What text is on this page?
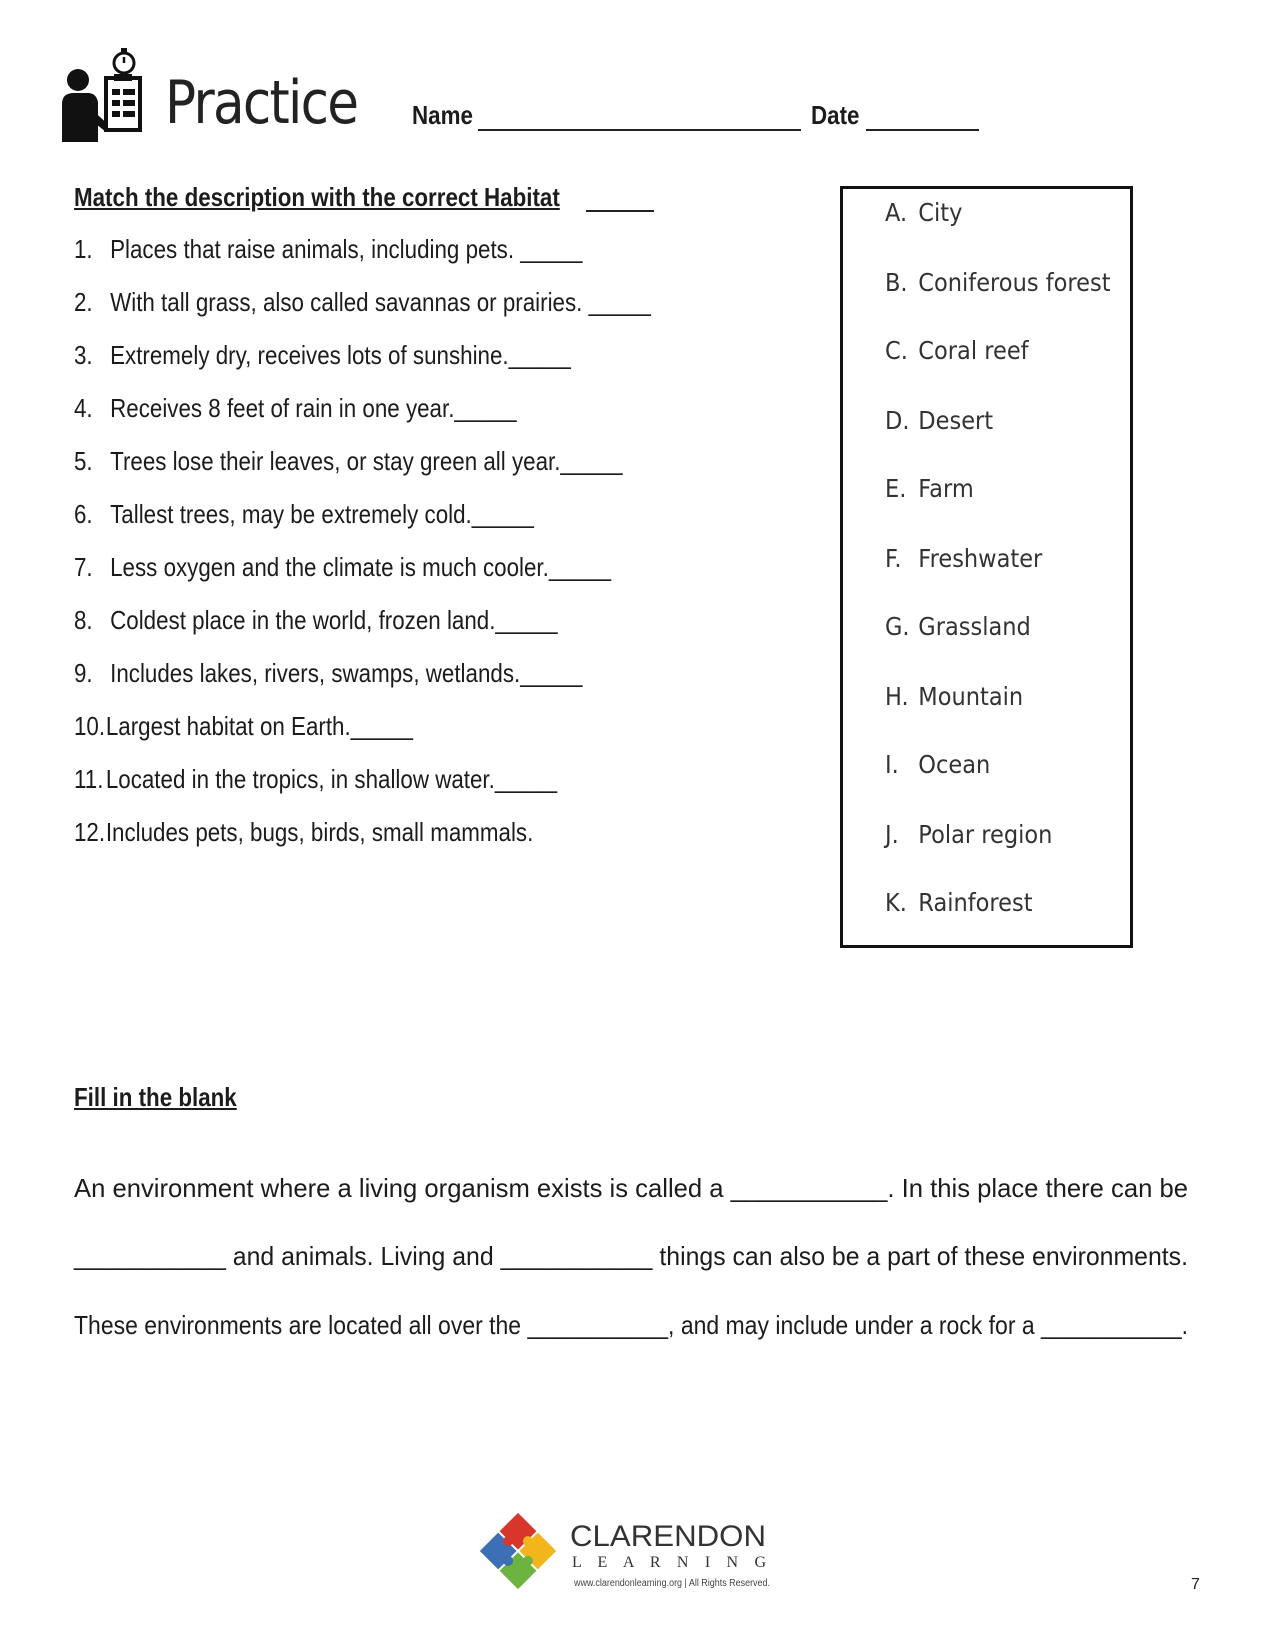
Practice Name	Date
Match the description with the correct Habitat
1. Places that raise animals, including pets. _____
2. With tall grass, also called savannas or prairies. _____
3. Extremely dry, receives lots of sunshine._____
4. Receives 8 feet of rain in one year._____
5. Trees lose their leaves, or stay green all year._____
6. Tallest trees, may be extremely cold._____
7. Less oxygen and the climate is much cooler._____
8. Coldest place in the world, frozen land._____
9. Includes lakes, rivers, swamps, wetlands._____
10.Largest habitat on Earth._____
11.Located in the tropics, in shallow water._____
12.Includes pets, bugs, birds, small mammals.
A. City
B. Coniferous forest
C. Coral reef
D. Desert
E. Farm
F. Freshwater
G. Grassland
H. Mountain
I. Ocean
J. Polar region
K. Rainforest
Fill in the blank
An environment where a living organism exists is called a ___________. In this place there can be
___________ and animals. Living and ___________ things can also be a part of these environments.
These environments are located all over the ___________, and may include under a rock for a ___________.
CLARENDON
L E A R N I N G
www.clarendonlearning.org | All Rights Reserved.	7
